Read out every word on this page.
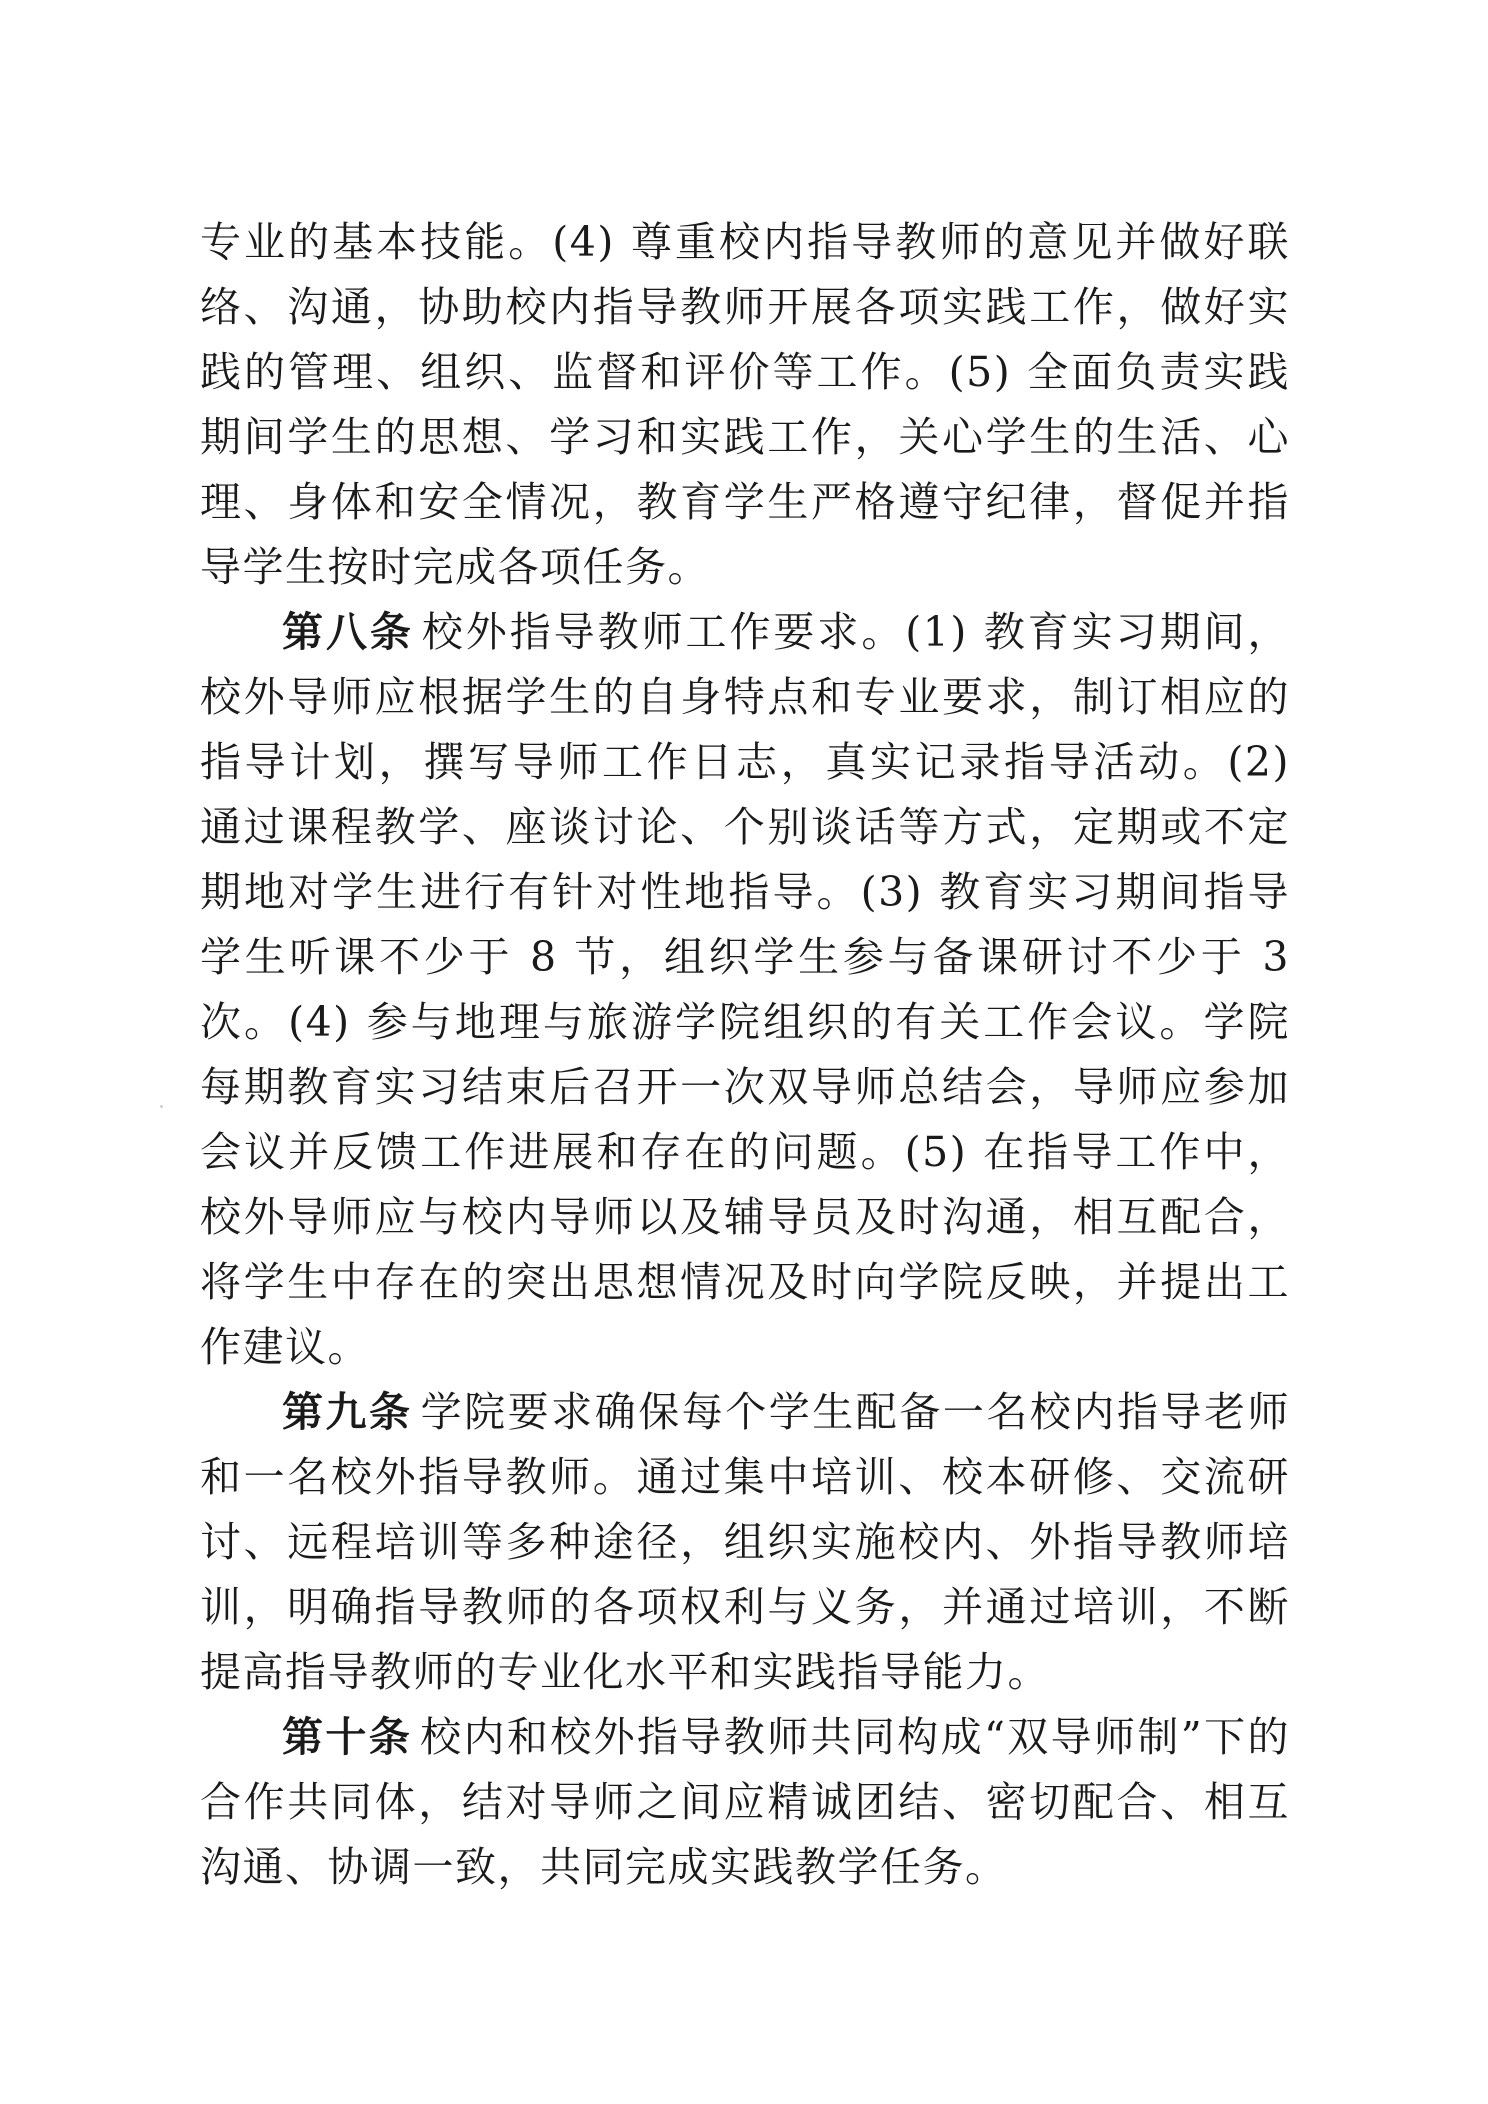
专业的基本技能。(4) 尊重校内指导教师的意见并做好联络、沟通，协助校内指导教师开展各项实践工作，做好实践的管理、组织、监督和评价等工作。(5) 全面负责实践期间学生的思想、学习和实践工作，关心学生的生活、心理、身体和安全情况，教育学生严格遵守纪律，督促并指导学生按时完成各项任务。

第八条 校外指导教师工作要求。(1) 教育实习期间，校外导师应根据学生的自身特点和专业要求，制订相应的指导计划，撰写导师工作日志，真实记录指导活动。(2) 通过课程教学、座谈讨论、个别谈话等方式，定期或不定期地对学生进行有针对性地指导。(3) 教育实习期间指导学生听课不少于 8 节，组织学生参与备课研讨不少于 3 次。(4) 参与地理与旅游学院组织的有关工作会议。学院每期教育实习结束后召开一次双导师总结会，导师应参加会议并反馈工作进展和存在的问题。(5) 在指导工作中，校外导师应与校内导师以及辅导员及时沟通，相互配合，将学生中存在的突出思想情况及时向学院反映，并提出工作建议。

第九条 学院要求确保每个学生配备一名校内指导老师和一名校外指导教师。通过集中培训、校本研修、交流研讨、远程培训等多种途径，组织实施校内、外指导教师培训，明确指导教师的各项权利与义务，并通过培训，不断提高指导教师的专业化水平和实践指导能力。

第十条 校内和校外指导教师共同构成“双导师制”下的合作共同体，结对导师之间应精诚团结、密切配合、相互沟通、协调一致，共同完成实践教学任务。
